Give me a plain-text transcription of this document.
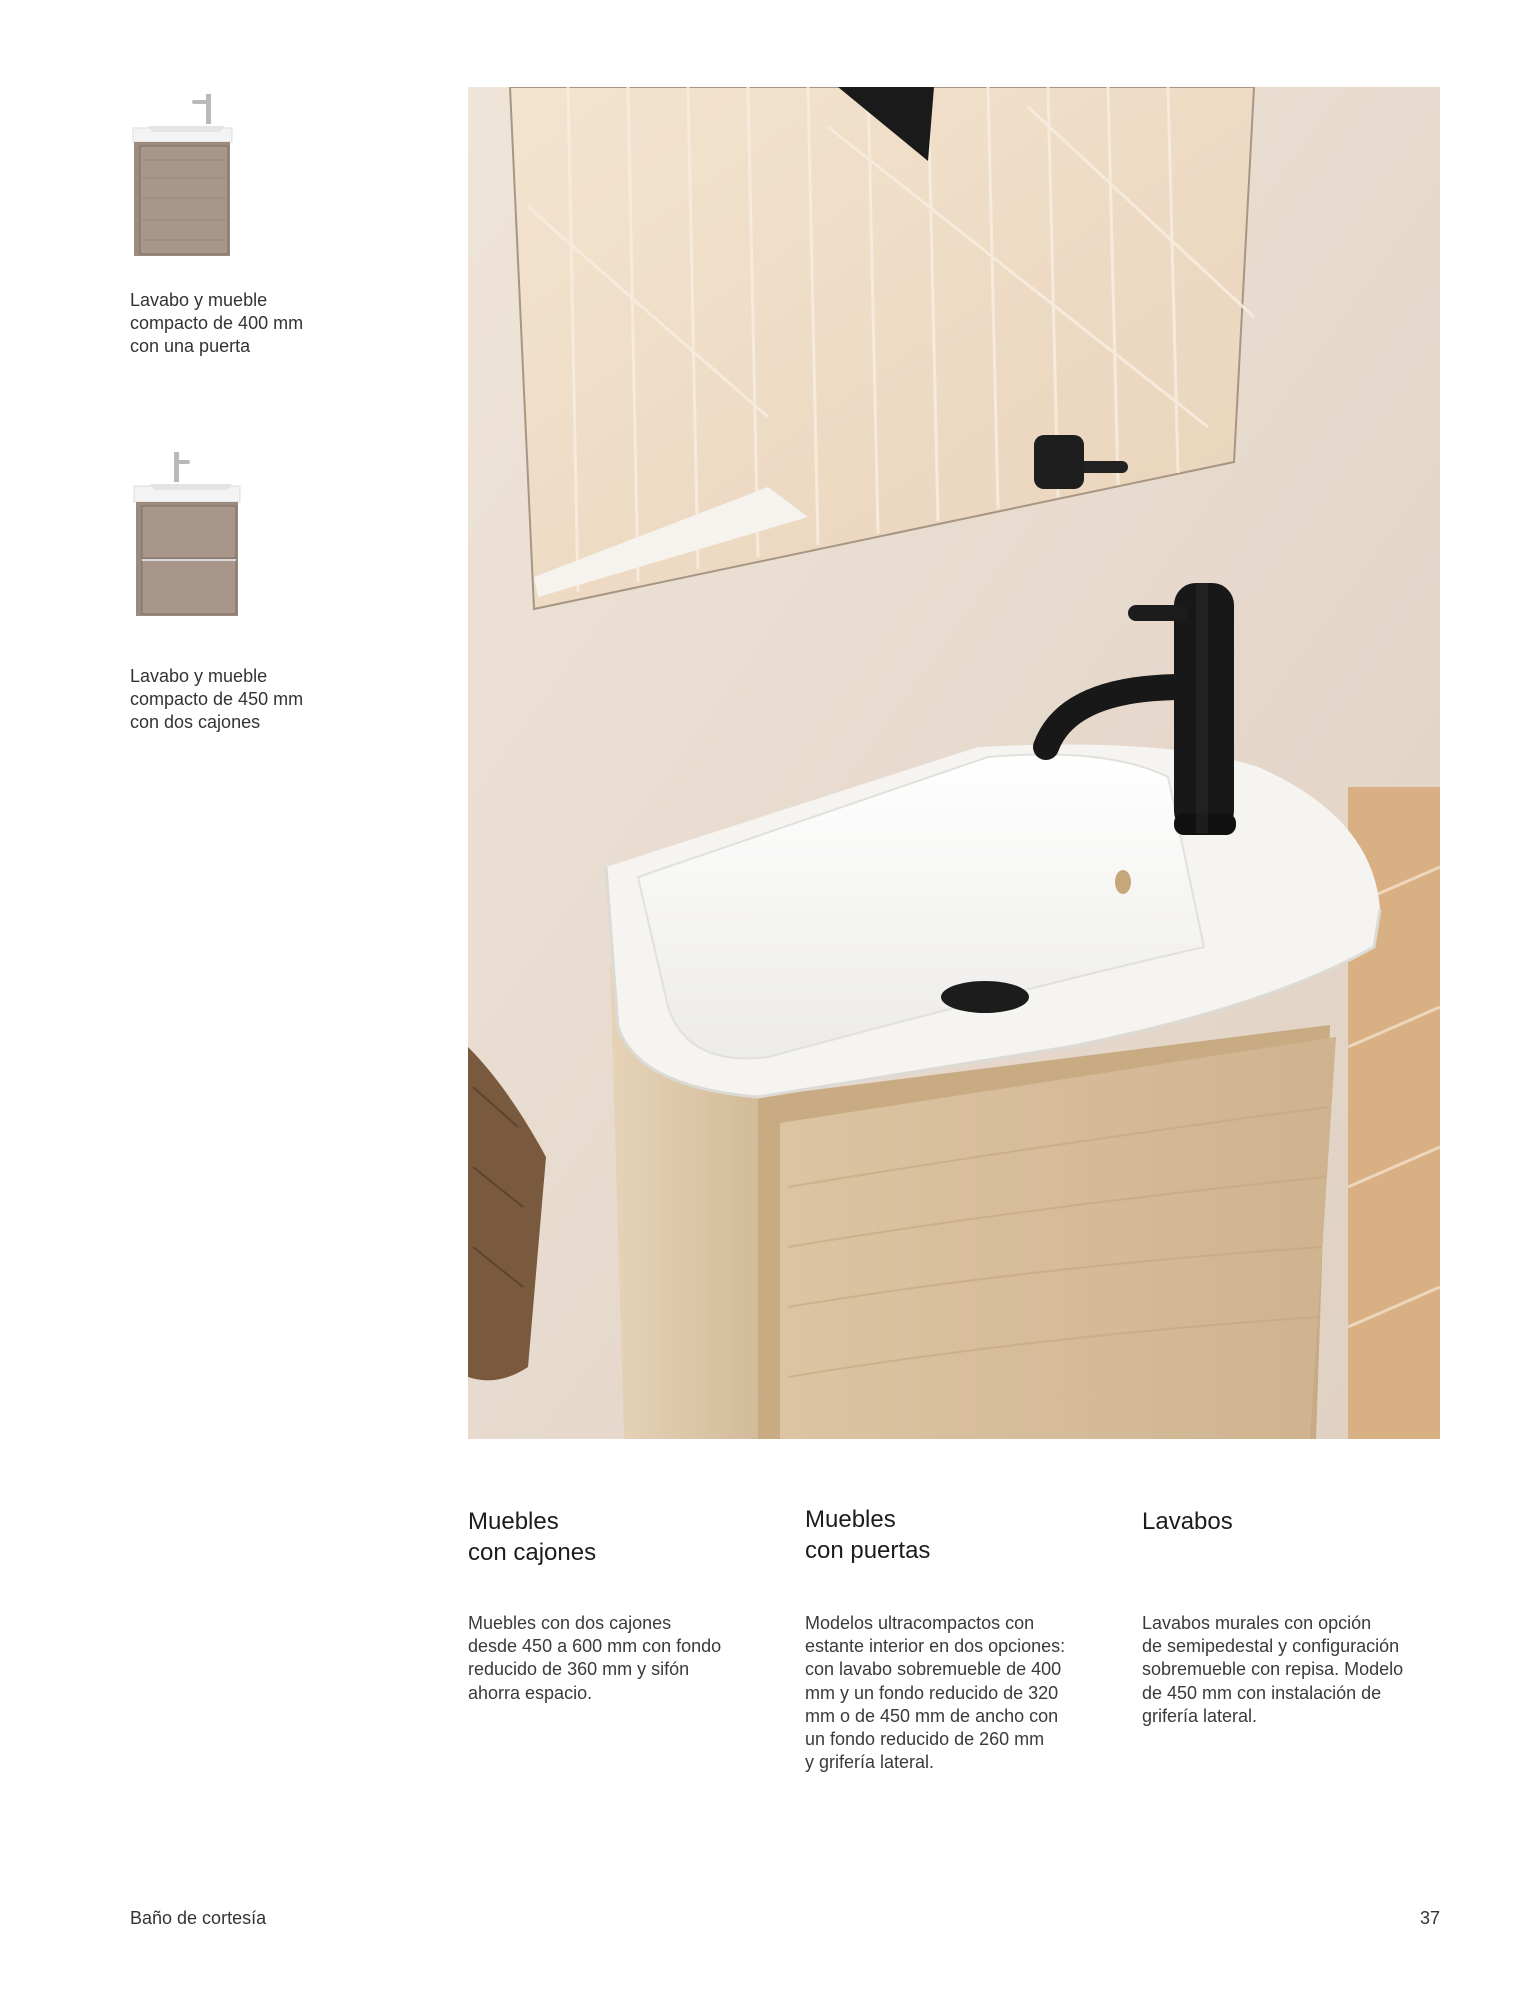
Lavabo y mueble
compacto de 400 mm
con una puerta
Lavabo y mueble
compacto de 450 mm
con dos cajones
Muebles
con cajones
Muebles con dos cajones
desde 450 a 600 mm con fondo
reducido de 360 mm y sifón
ahorra espacio.
Muebles
con puertas
Modelos ultracompactos con
estante interior en dos opciones:
con lavabo sobremueble de 400
mm y un fondo reducido de 320
mm o de 450 mm de ancho con
un fondo reducido de 260 mm
y grifería lateral.
Lavabos
Lavabos murales con opción
de semipedestal y configuración
sobremueble con repisa. Modelo
de 450 mm con instalación de
grifería lateral.
Baño de cortesía	37
